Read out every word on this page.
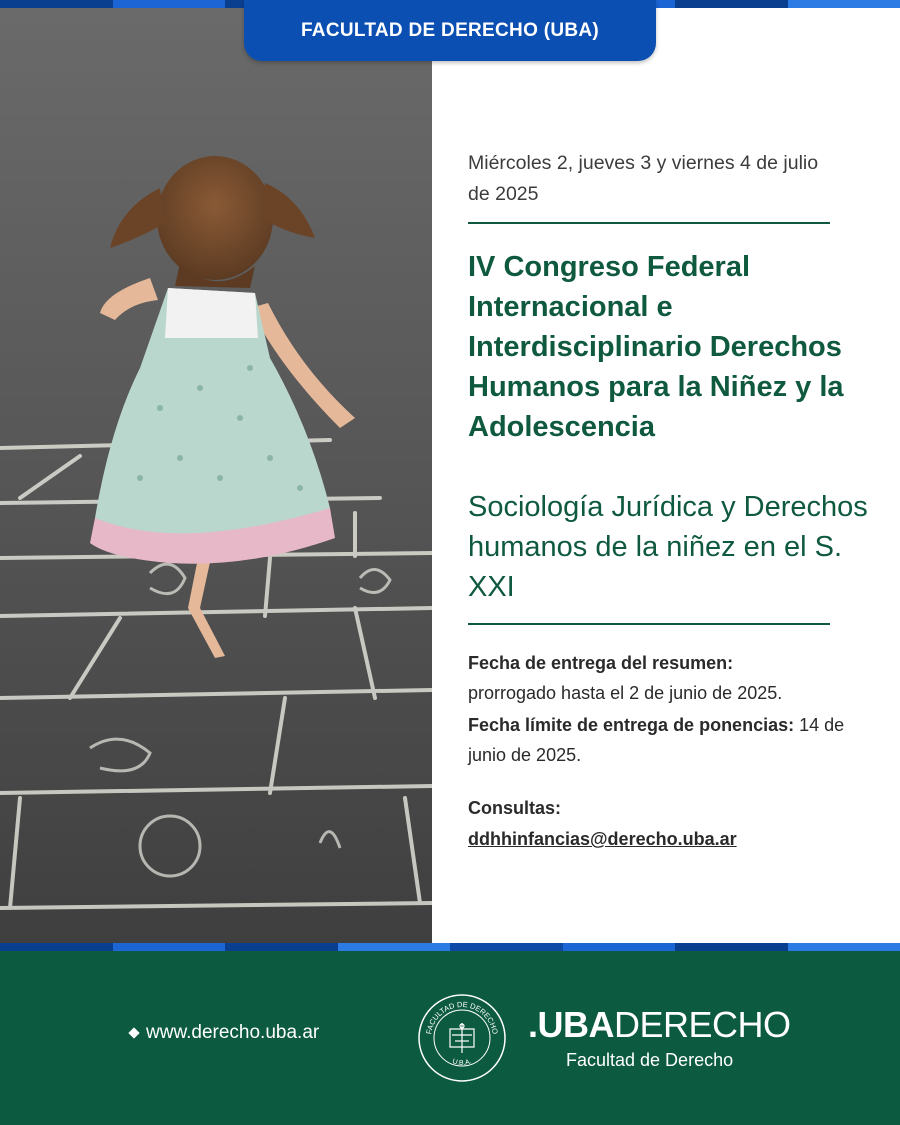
FACULTAD DE DERECHO (UBA)
Miércoles 2, jueves 3 y viernes 4 de julio de 2025
IV Congreso Federal Internacional e Interdisciplinario Derechos Humanos para la Niñez y la Adolescencia
Sociología Jurídica y Derechos humanos de la niñez en el S. XXI

Fecha de entrega del resumen:
prorrogado hasta el 2 de junio de 2025.

Fecha límite de entrega de ponencias: 14 de junio de 2025.

Consultas:
ddhhinfancias@derecho.uba.ar
www.derecho.uba.ar	FACULTAD DE DERECHO
U.B.A.
.UBADERECHO
Facultad de Derecho
